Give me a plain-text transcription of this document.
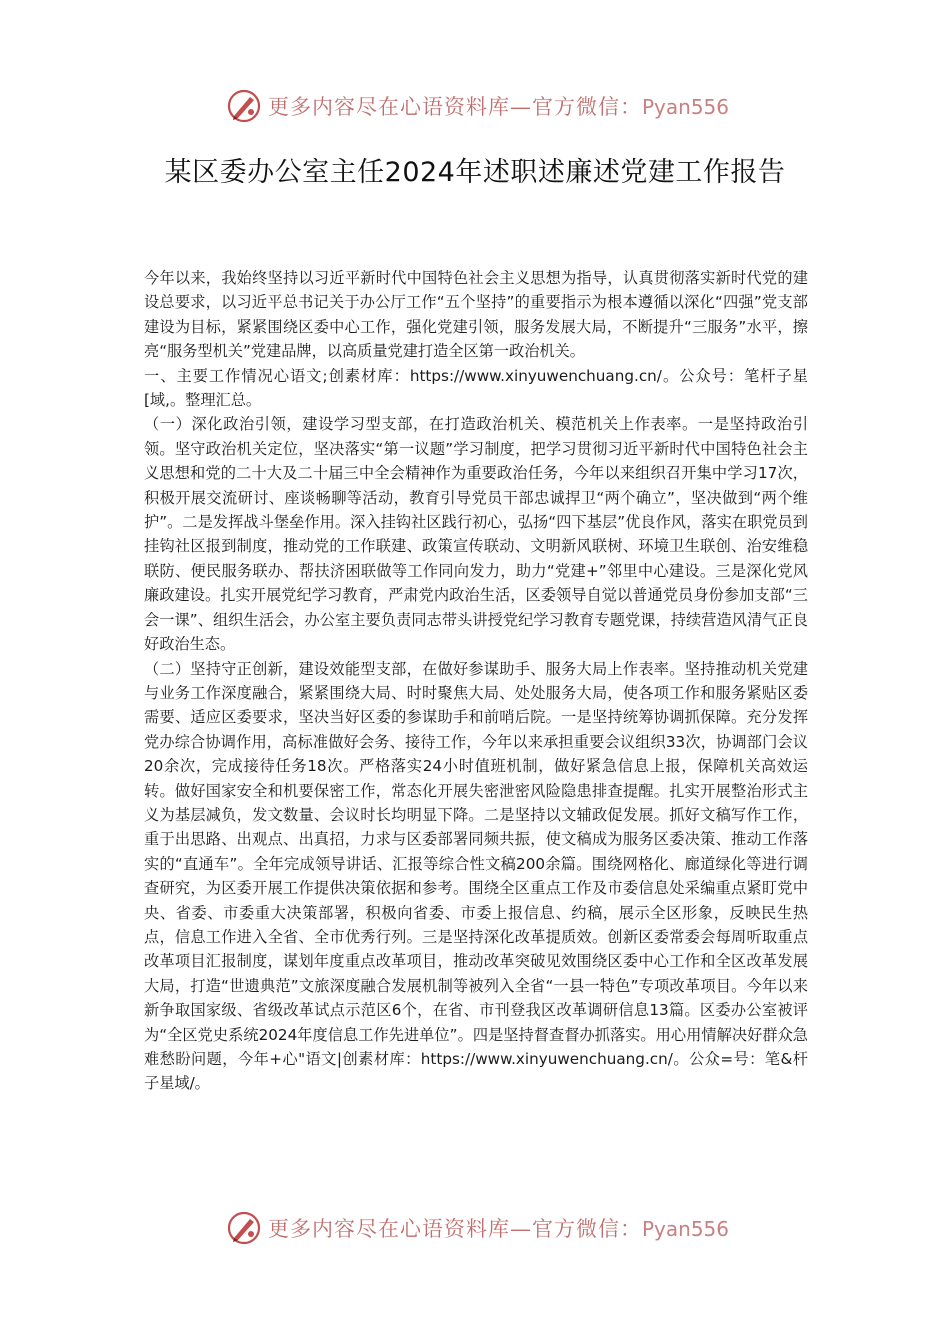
更多内容尽在心语资料库—官方微信：Pyan556
某区委办公室主任2024年述职述廉述党建工作报告

今年以来，我始终坚持以习近平新时代中国特色社会主义思想为指导，认真贯彻落实新时代党的建设总要求，以习近平总书记关于办公厅工作“五个坚持”的重要指示为根本遵循以深化“四强”党支部建设为目标，紧紧围绕区委中心工作，强化党建引领，服务发展大局，不断提升“三服务”水平，擦亮“服务型机关”党建品牌，以高质量党建打造全区第一政治机关。

一、主要工作情况心语文;创素材库：https://www.xinyuwenchuang.cn/。公众号：笔杆子星[域,。整理汇总。

（一）深化政治引领，建设学习型支部，在打造政治机关、模范机关上作表率。一是坚持政治引领。坚守政治机关定位，坚决落实“第一议题”学习制度，把学习贯彻习近平新时代中国特色社会主义思想和党的二十大及二十届三中全会精神作为重要政治任务，今年以来组织召开集中学习17次，积极开展交流研讨、座谈畅聊等活动，教育引导党员干部忠诚捍卫“两个确立”，坚决做到“两个维护”。二是发挥战斗堡垒作用。深入挂钩社区践行初心，弘扬“四下基层”优良作风，落实在职党员到挂钩社区报到制度，推动党的工作联建、政策宣传联动、文明新风联树、环境卫生联创、治安维稳联防、便民服务联办、帮扶济困联做等工作同向发力，助力“党建+”邻里中心建设。三是深化党风廉政建设。扎实开展党纪学习教育，严肃党内政治生活，区委领导自觉以普通党员身份参加支部“三会一课”、组织生活会，办公室主要负责同志带头讲授党纪学习教育专题党课，持续营造风清气正良好政治生态。

（二）坚持守正创新，建设效能型支部，在做好参谋助手、服务大局上作表率。坚持推动机关党建与业务工作深度融合，紧紧围绕大局、时时聚焦大局、处处服务大局，使各项工作和服务紧贴区委需要、适应区委要求，坚决当好区委的参谋助手和前哨后院。一是坚持统筹协调抓保障。充分发挥党办综合协调作用，高标准做好会务、接待工作，今年以来承担重要会议组织33次，协调部门会议20余次，完成接待任务18次。严格落实24小时值班机制，做好紧急信息上报，保障机关高效运转。做好国家安全和机要保密工作，常态化开展失密泄密风险隐患排查提醒。扎实开展整治形式主义为基层减负，发文数量、会议时长均明显下降。二是坚持以文辅政促发展。抓好文稿写作工作，重于出思路、出观点、出真招，力求与区委部署同频共振，使文稿成为服务区委决策、推动工作落实的“直通车”。全年完成领导讲话、汇报等综合性文稿200余篇。围绕网格化、廊道绿化等进行调查研究，为区委开展工作提供决策依据和参考。围绕全区重点工作及市委信息处采编重点紧盯党中央、省委、市委重大决策部署，积极向省委、市委上报信息、约稿，展示全区形象，反映民生热点，信息工作进入全省、全市优秀行列。三是坚持深化改革提质效。创新区委常委会每周听取重点改革项目汇报制度，谋划年度重点改革项目，推动改革突破见效围绕区委中心工作和全区改革发展大局，打造“世遗典范”文旅深度融合发展机制等被列入全省“一县一特色”专项改革项目。今年以来新争取国家级、省级改革试点示范区6个，在省、市刊登我区改革调研信息13篇。区委办公室被评为“全区党史系统2024年度信息工作先进单位”。四是坚持督查督办抓落实。用心用情解决好群众急难愁盼问题，今年+心"语文|创素材库：https://www.xinyuwenchuang.cn/。公众=号：笔&杆子星域/。

更多内容尽在心语资料库—官方微信：Pyan556
